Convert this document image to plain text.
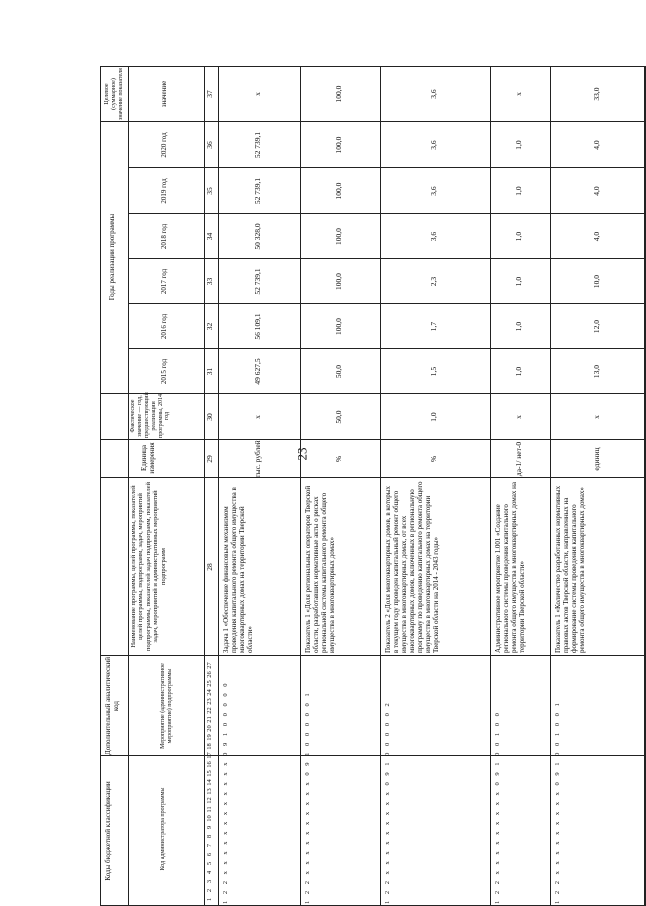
23
Коды бюджетной классификации
Дополнительный аналитический код
Наименование программы, целей программы, показателей целей программы, подпрограмм, задач, мероприятий подпрограммы, показателей задач подпрограмм, показателей задач, мероприятий и административных мероприятий подпрограмм
Единица измерения
Фактическое значение — год, предшествующий реализации программы, 2014 год
Годы реализации программы
Целевое (суммарное) значение показателя	значение
Код администратора программы
Мероприятие (административное мероприятие) подпрограммы
2015 год
2016 год
2017 год
2018 год
2019 год
2020 год
28
29
30
31
32
33
34
35
36
37
1
2
3
4
5
6
7
8
9
10
11
12
13
14
15
16
17
18
19
20
21
22
23
24
25
26
27
1 2 2 х х х х х х х х х х х х 0 9 1 0 0 0 0 0
Задача 1 «Обеспечение финансовым механизмом проведения капитального ремонта общего имущества в многоквартирных домах на территории Тверской области»
тыс. рублей
х
49 627,5
56 109,1
52 739,1
50 328,0
52 739,1
52 739,1
х
1 2 2 х х х х х х х х х х 0 9 1 0 0 0 0 0 1
Показатель 1 «Доля региональных операторов Тверской области, разработавших нормативные акты о рисках региональной системы капитального ремонта общего имущества в многоквартирных домах»
%
50,0
50,0
100,0
100,0
100,0
100,0
100,0
100,0
1 2 2 х х х х х х х х х 0 9 1 0 0 0 0 0 2
Показатель 2 «Доля многоквартирных домов, в которых в текущем году проведен капитальный ремонт общего имущества в многоквартирных домах, от всех многоквартирных домов, включенных в региональную программу по проведению капитального ремонта общего имущества в многоквартирных домах на территории Тверской области на 2014 - 2043 годы»
%
1,0
1,5
1,7
2,3
3,6
3,6
3,6
3,6
1 2 2 х х х х х х х х х 0 9 1 0 0 1 0 0
Административное мероприятие 1.001 «Создание регионального системы проведения капитального ремонта общего имущества в многоквартирных домах на территории Тверской области»
да-1/ нет-0
х
1,0
1,0
1,0
1,0
1,0
1,0
х
1 2 2 х х х х х х х х х 0 9 1 0 0 1 0 0 1
Показатель 1 «Количество разработанных нормативных правовых актов Тверской области, направленных на формирование системы проведения капитального ремонта общего имущества в многоквартирных домах»
единиц
х
13,0
12,0
10,0
4,0
4,0
4,0
33,0
